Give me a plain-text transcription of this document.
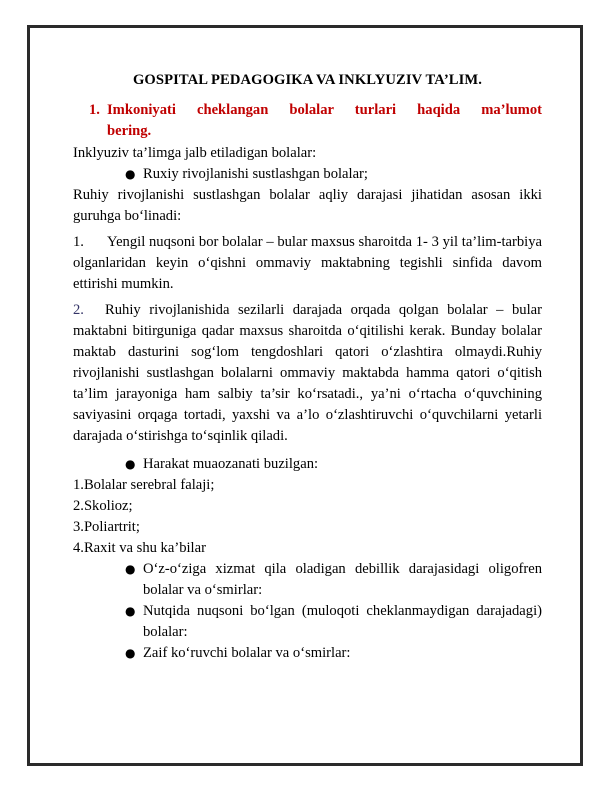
GOSPITAL PEDAGOGIKA VA INKLYUZIV TA’LIM.

1. Imkoniyati cheklangan bolalar turlari haqida ma’lumot
bering.

Inklyuziv ta’limga jalb etiladigan bolalar:

● Ruxiy rivojlanishi sustlashgan bolalar;

Ruhiy rivojlanishi sustlashgan bolalar aqliy darajasi jihatidan asosan ikki guruhga bo‘linadi:

1. Yengil nuqsoni bor bolalar – bular maxsus sharoitda 1- 3 yil ta’lim-tarbiya olganlaridan keyin o‘qishni ommaviy maktabning tegishli sinfida davom ettirishi mumkin.

2. Ruhiy rivojlanishida sezilarli darajada orqada qolgan bolalar – bular maktabni bitirguniga qadar maxsus sharoitda o‘qitilishi kerak. Bunday bolalar maktab dasturini sog‘lom tengdoshlari qatori o‘zlashtira olmaydi.Ruhiy rivojlanishi sustlashgan bolalarni ommaviy maktabda hamma qatori o‘qitish ta’lim jarayoniga ham salbiy ta’sir ko‘rsatadi., ya’ni o‘rtacha o‘quvchining saviyasini orqaga tortadi, yaxshi va a’lo o‘zlashtiruvchi o‘quvchilarni yetarli darajada o‘stirishga to‘sqinlik qiladi.

● Harakat muaozanati buzilgan:

1.Bolalar serebral falaji;

2.Skolioz;

3.Poliartrit;

4.Raxit va shu ka’bilar

● O‘z-o‘ziga xizmat qila oladigan debillik darajasidagi oligofren bolalar va o‘smirlar:
● Nutqida nuqsoni bo‘lgan (muloqoti cheklanmaydigan darajadagi) bolalar:
● Zaif ko‘ruvchi bolalar va o‘smirlar:
